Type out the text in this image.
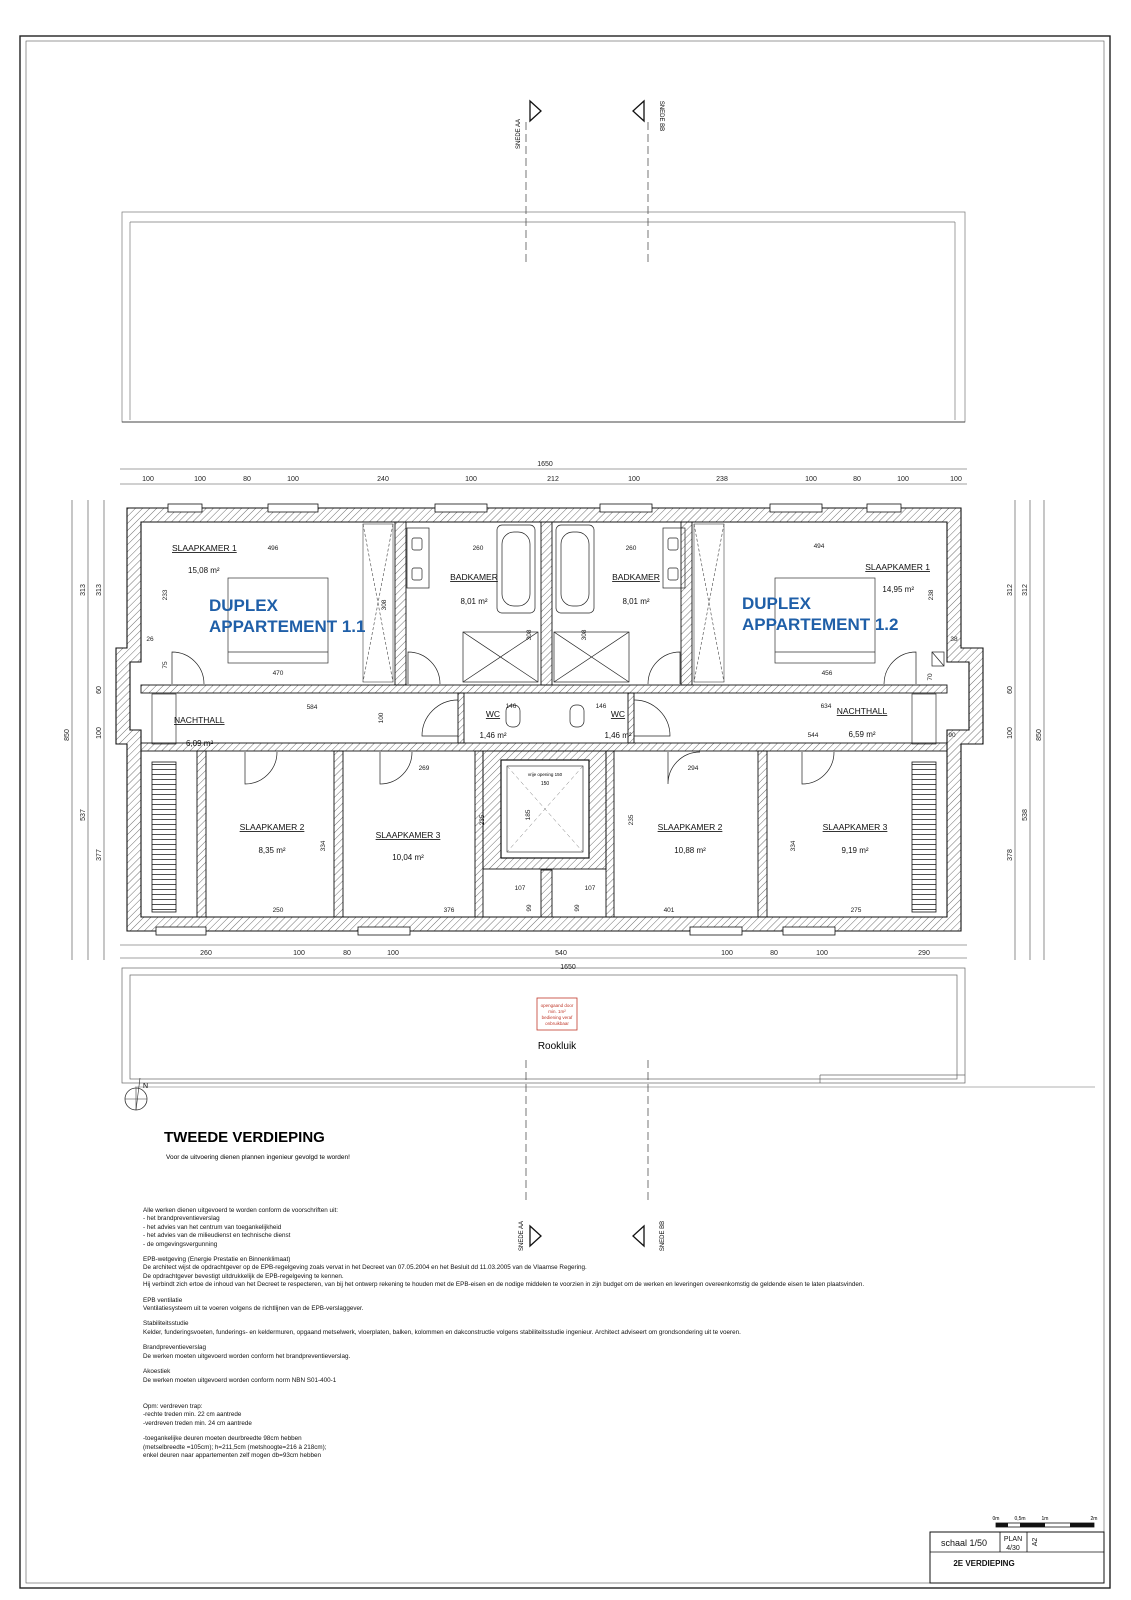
SNEDE AA
SNEDE BB
SNEDE AA	SNEDE BB
N
vrije opening 150
150
1650
100	100	80	100	240	100	212	100	238	100	80	100	100
260	100	80	100	540	100	80	100	290
1650
850
313
537
313
60
100
377
850
312
538
312
60
100
378
496
233
26
75
470
308
260
308
260
308
494
238
456
38
70
584
100
146	146	634
544	90
269
235
294
235
334	334
250	376
107
185
107
401	275
99	99
SLAAPKAMER 1
15,08 m²
BADKAMER
8,01 m²
BADKAMER
8,01 m²
SLAAPKAMER 1
14,95 m²
NACHTHALL
6,09 m²
WC
1,46 m²
WC
1,46 m²
NACHTHALL
6,59 m²
SLAAPKAMER 2
8,35 m²
SLAAPKAMER 3
10,04 m²
SLAAPKAMER 2
10,88 m²
SLAAPKAMER 3
9,19 m²
DUPLEX
APPARTEMENT 1.1
DUPLEX
APPARTEMENT 1.2
opengaand door
min. 1m²
bediening veraf
onbruikbaar
Rookluik
TWEEDE VERDIEPING
Voor de uitvoering dienen plannen ingenieur gevolgd te worden!
0m	0,5m	1m	2m
schaal 1/50 PLAN
4/30
A2
2E VERDIEPING

Alle werken dienen uitgevoerd te worden conform de voorschriften uit:

- het brandpreventieverslag

- het advies van het centrum van toegankelijkheid

- het advies van de milieudienst en technische dienst

- de omgevingsvergunning

EPB-wetgeving (Energie Prestatie en Binnenklimaat)

De architect wijst de opdrachtgever op de EPB-regelgeving zoals vervat in het Decreet van 07.05.2004 en het Besluit dd 11.03.2005 van de Vlaamse Regering.

De opdrachtgever bevestigt uitdrukkelijk de EPB-regelgeving te kennen.

Hij verbindt zich ertoe de inhoud van het Decreet te respecteren, van bij het ontwerp rekening te houden met de EPB-eisen en de nodige middelen te voorzien in zijn budget om de werken en leveringen overeenkomstig de geldende eisen te laten plaatsvinden.

EPB ventilatie

Ventilatiesysteem uit te voeren volgens de richtlijnen van de EPB-verslaggever.

Stabiliteitsstudie

Kelder, funderingsvoeten, funderings- en keldermuren, opgaand metselwerk, vloerplaten, balken, kolommen en dakconstructie volgens stabiliteitsstudie ingenieur. Architect adviseert om grondsondering uit te voeren.

Brandpreventieverslag

De werken moeten uitgevoerd worden conform het brandpreventieverslag.

Akoestiek

De werken moeten uitgevoerd worden conform norm NBN S01-400-1

Opm: verdreven trap:

-rechte treden min. 22 cm aantrede

-verdreven treden min. 24 cm aantrede

-toegankelijke deuren moeten deurbreedte 98cm hebben

(metselbreedte =105cm); h=211,5cm (metshoogte=216 à 218cm);

enkel deuren naar appartementen zelf mogen db=93cm hebben
